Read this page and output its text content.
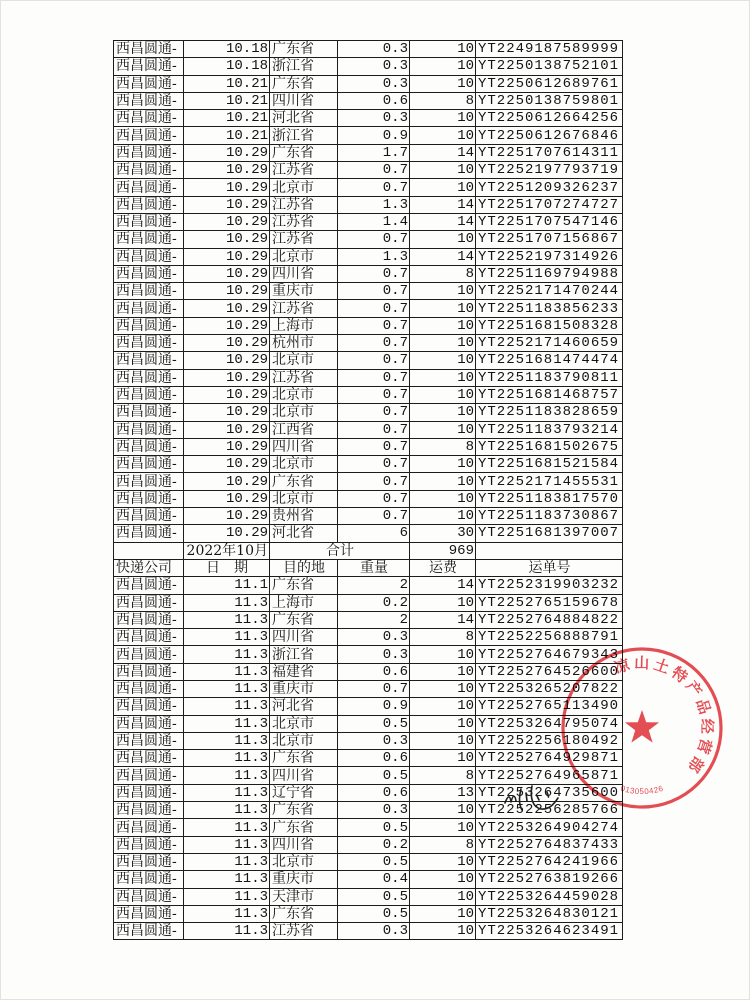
西昌圆通-	10.18	广东省	0.3	10	YT2249187589999
西昌圆通-	10.18	浙江省	0.3	10	YT2250138752101
西昌圆通-	10.21	广东省	0.3	10	YT2250612689761
西昌圆通-	10.21	四川省	0.6	8	YT2250138759801
西昌圆通-	10.21	河北省	0.3	10	YT2250612664256
西昌圆通-	10.21	浙江省	0.9	10	YT2250612676846
西昌圆通-	10.29	广东省	1.7	14	YT2251707614311
西昌圆通-	10.29	江苏省	0.7	10	YT2252197793719
西昌圆通-	10.29	北京市	0.7	10	YT2251209326237
西昌圆通-	10.29	江苏省	1.3	14	YT2251707274727
西昌圆通-	10.29	江苏省	1.4	14	YT2251707547146
西昌圆通-	10.29	江苏省	0.7	10	YT2251707156867
西昌圆通-	10.29	北京市	1.3	14	YT2252197314926
西昌圆通-	10.29	四川省	0.7	8	YT2251169794988
西昌圆通-	10.29	重庆市	0.7	10	YT2252171470244
西昌圆通-	10.29	江苏省	0.7	10	YT2251183856233
西昌圆通-	10.29	上海市	0.7	10	YT2251681508328
西昌圆通-	10.29	杭州市	0.7	10	YT2252171460659
西昌圆通-	10.29	北京市	0.7	10	YT2251681474474
西昌圆通-	10.29	江苏省	0.7	10	YT2251183790811
西昌圆通-	10.29	北京市	0.7	10	YT2251681468757
西昌圆通-	10.29	北京市	0.7	10	YT2251183828659
西昌圆通-	10.29	江西省	0.7	10	YT2251183793214
西昌圆通-	10.29	四川省	0.7	8	YT2251681502675
西昌圆通-	10.29	北京市	0.7	10	YT2251681521584
西昌圆通-	10.29	广东省	0.7	10	YT2252171455531
西昌圆通-	10.29	北京市	0.7	10	YT2251183817570
西昌圆通-	10.29	贵州省	0.7	10	YT2251183730867
西昌圆通-	10.29	河北省	6	30	YT2251681397007
	2022年10月	合计		969	
快递公司	日　期	目的地	重量	运费	运单号
西昌圆通-	11.1	广东省	2	14	YT2252319903232
西昌圆通-	11.3	上海市	0.2	10	YT2252765159678
西昌圆通-	11.3	广东省	2	14	YT2252764884822
西昌圆通-	11.3	四川省	0.3	8	YT2252256888791
西昌圆通-	11.3	浙江省	0.3	10	YT2252764679343
西昌圆通-	11.3	福建省	0.6	10	YT2252764526600
西昌圆通-	11.3	重庆市	0.7	10	YT2253265207822
西昌圆通-	11.3	河北省	0.9	10	YT2252765113490
西昌圆通-	11.3	北京市	0.5	10	YT2253264795074
西昌圆通-	11.3	北京市	0.3	10	YT2252256180492
西昌圆通-	11.3	广东省	0.6	10	YT2252764929871
西昌圆通-	11.3	四川省	0.5	8	YT2252764965871
西昌圆通-	11.3	辽宁省	0.6	13	YT2253264735600
西昌圆通-	11.3	广东省	0.3	10	YT2252256285766
西昌圆通-	11.3	广东省	0.5	10	YT2253264904274
西昌圆通-	11.3	四川省	0.2	8	YT2252764837433
西昌圆通-	11.3	北京市	0.5	10	YT2252764241966
西昌圆通-	11.3	重庆市	0.4	10	YT2252763819266
西昌圆通-	11.3	天津市	0.5	10	YT2253264459028
西昌圆通-	11.3	广东省	0.5	10	YT2253264830121
西昌圆通-	11.3	江苏省	0.3	10	YT2253264623491
凉山土特产品经营部
013050426
